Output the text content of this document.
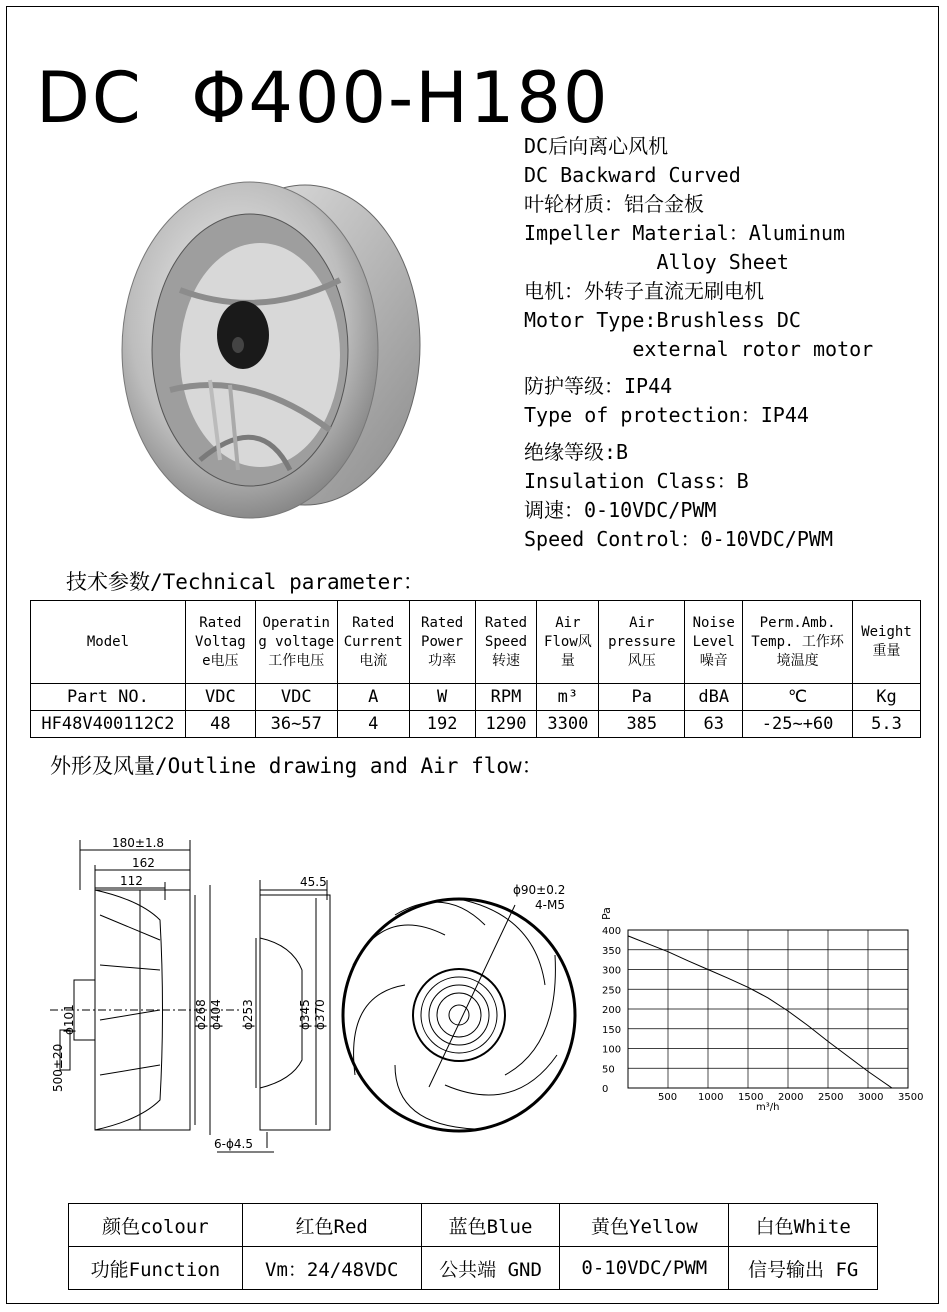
DC  Φ400-H180
DC后向离心风机
DC Backward Curved
叶轮材质：铝合金板
Impeller Material：Aluminum
Alloy Sheet
电机：外转子直流无刷电机
Motor Type:Brushless DC
external rotor motor
防护等级：IP44
Type of protection：IP44
绝缘等级:B
Insulation Class：B
调速：0-10VDC/PWM
Speed Control：0-10VDC/PWM
技术参数/Technical parameter：
Model	Rated Voltag e电压	Operatin g voltage 工作电压	Rated Current 电流	Rated Power 功率	Rated Speed 转速	Air Flow风 量	Air pressure 风压	Noise Level 噪音	Perm.Amb. Temp. 工作环境温度	Weight 重量
Part NO.	VDC	VDC	A	W	RPM	m³	Pa	dBA	℃	Kg
HF48V400112C2	48	36~57	4	192	1290	3300	385	63	-25~+60	5.3
外形及风量/Outline drawing and Air flow：
180±1.8
162
112
ϕ101
500±20
ϕ268 ϕ404
45.5
ϕ253	ϕ345 ϕ370
6-ϕ4.5
ϕ90±0.2
4-M5
500 1000 1500 2000 2500 3000 3500
0
50
100
150
200
250
300
350
400
Pa
m³/h
颜色colour	红色Red	蓝色Blue	黄色Yellow	白色White
功能Function	Vm：24/48VDC	公共端 GND	0-10VDC/PWM	信号输出 FG
